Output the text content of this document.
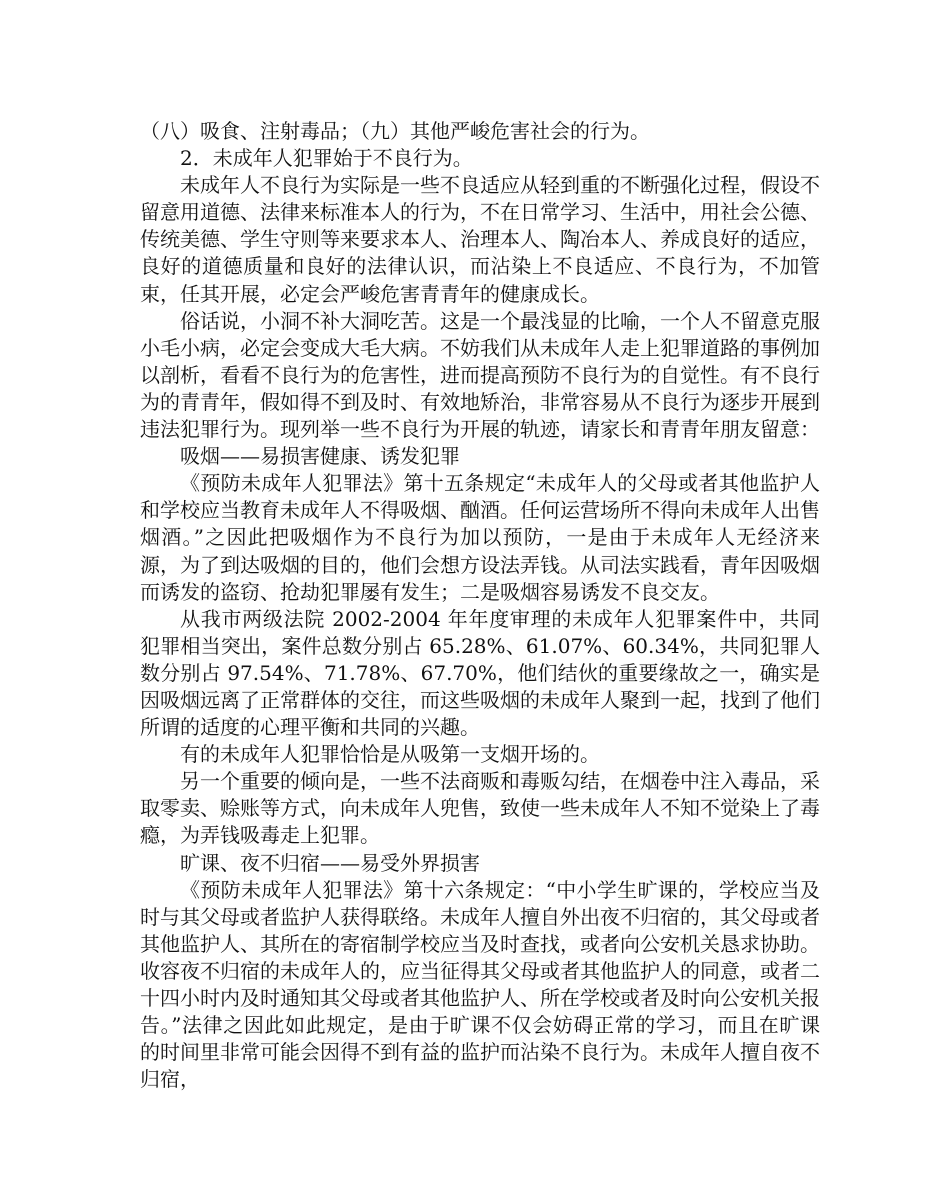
（八）吸食、注射毒品；（九）其他严峻危害社会的行为。

2．未成年人犯罪始于不良行为。

未成年人不良行为实际是一些不良适应从轻到重的不断强化过程，假设不留意用道德、法律来标准本人的行为，不在日常学习、生活中，用社会公德、传统美德、学生守则等来要求本人、治理本人、陶冶本人、养成良好的适应，良好的道德质量和良好的法律认识，而沾染上不良适应、不良行为，不加管束，任其开展，必定会严峻危害青青年的健康成长。

俗话说，小洞不补大洞吃苦。这是一个最浅显的比喻，一个人不留意克服小毛小病，必定会变成大毛大病。不妨我们从未成年人走上犯罪道路的事例加以剖析，看看不良行为的危害性，进而提高预防不良行为的自觉性。有不良行为的青青年，假如得不到及时、有效地矫治，非常容易从不良行为逐步开展到违法犯罪行为。现列举一些不良行为开展的轨迹，请家长和青青年朋友留意：

吸烟——易损害健康、诱发犯罪

《预防未成年人犯罪法》第十五条规定“未成年人的父母或者其他监护人和学校应当教育未成年人不得吸烟、酗酒。任何运营场所不得向未成年人出售烟酒。”之因此把吸烟作为不良行为加以预防，一是由于未成年人无经济来源，为了到达吸烟的目的，他们会想方设法弄钱。从司法实践看，青年因吸烟而诱发的盗窃、抢劫犯罪屡有发生；二是吸烟容易诱发不良交友。

从我市两级法院 2002-2004 年年度审理的未成年人犯罪案件中，共同犯罪相当突出，案件总数分别占 65.28%、61.07%、60.34%，共同犯罪人数分别占 97.54%、71.78%、67.70%，他们结伙的重要缘故之一，确实是因吸烟远离了正常群体的交往，而这些吸烟的未成年人聚到一起，找到了他们所谓的适度的心理平衡和共同的兴趣。

有的未成年人犯罪恰恰是从吸第一支烟开场的。

另一个重要的倾向是，一些不法商贩和毒贩勾结，在烟卷中注入毒品，采取零卖、赊账等方式，向未成年人兜售，致使一些未成年人不知不觉染上了毒瘾，为弄钱吸毒走上犯罪。

旷课、夜不归宿——易受外界损害

《预防未成年人犯罪法》第十六条规定：“中小学生旷课的，学校应当及时与其父母或者监护人获得联络。未成年人擅自外出夜不归宿的，其父母或者其他监护人、其所在的寄宿制学校应当及时查找，或者向公安机关恳求协助。收容夜不归宿的未成年人的，应当征得其父母或者其他监护人的同意，或者二十四小时内及时通知其父母或者其他监护人、所在学校或者及时向公安机关报告。”法律之因此如此规定，是由于旷课不仅会妨碍正常的学习，而且在旷课的时间里非常可能会因得不到有益的监护而沾染不良行为。未成年人擅自夜不归宿，
